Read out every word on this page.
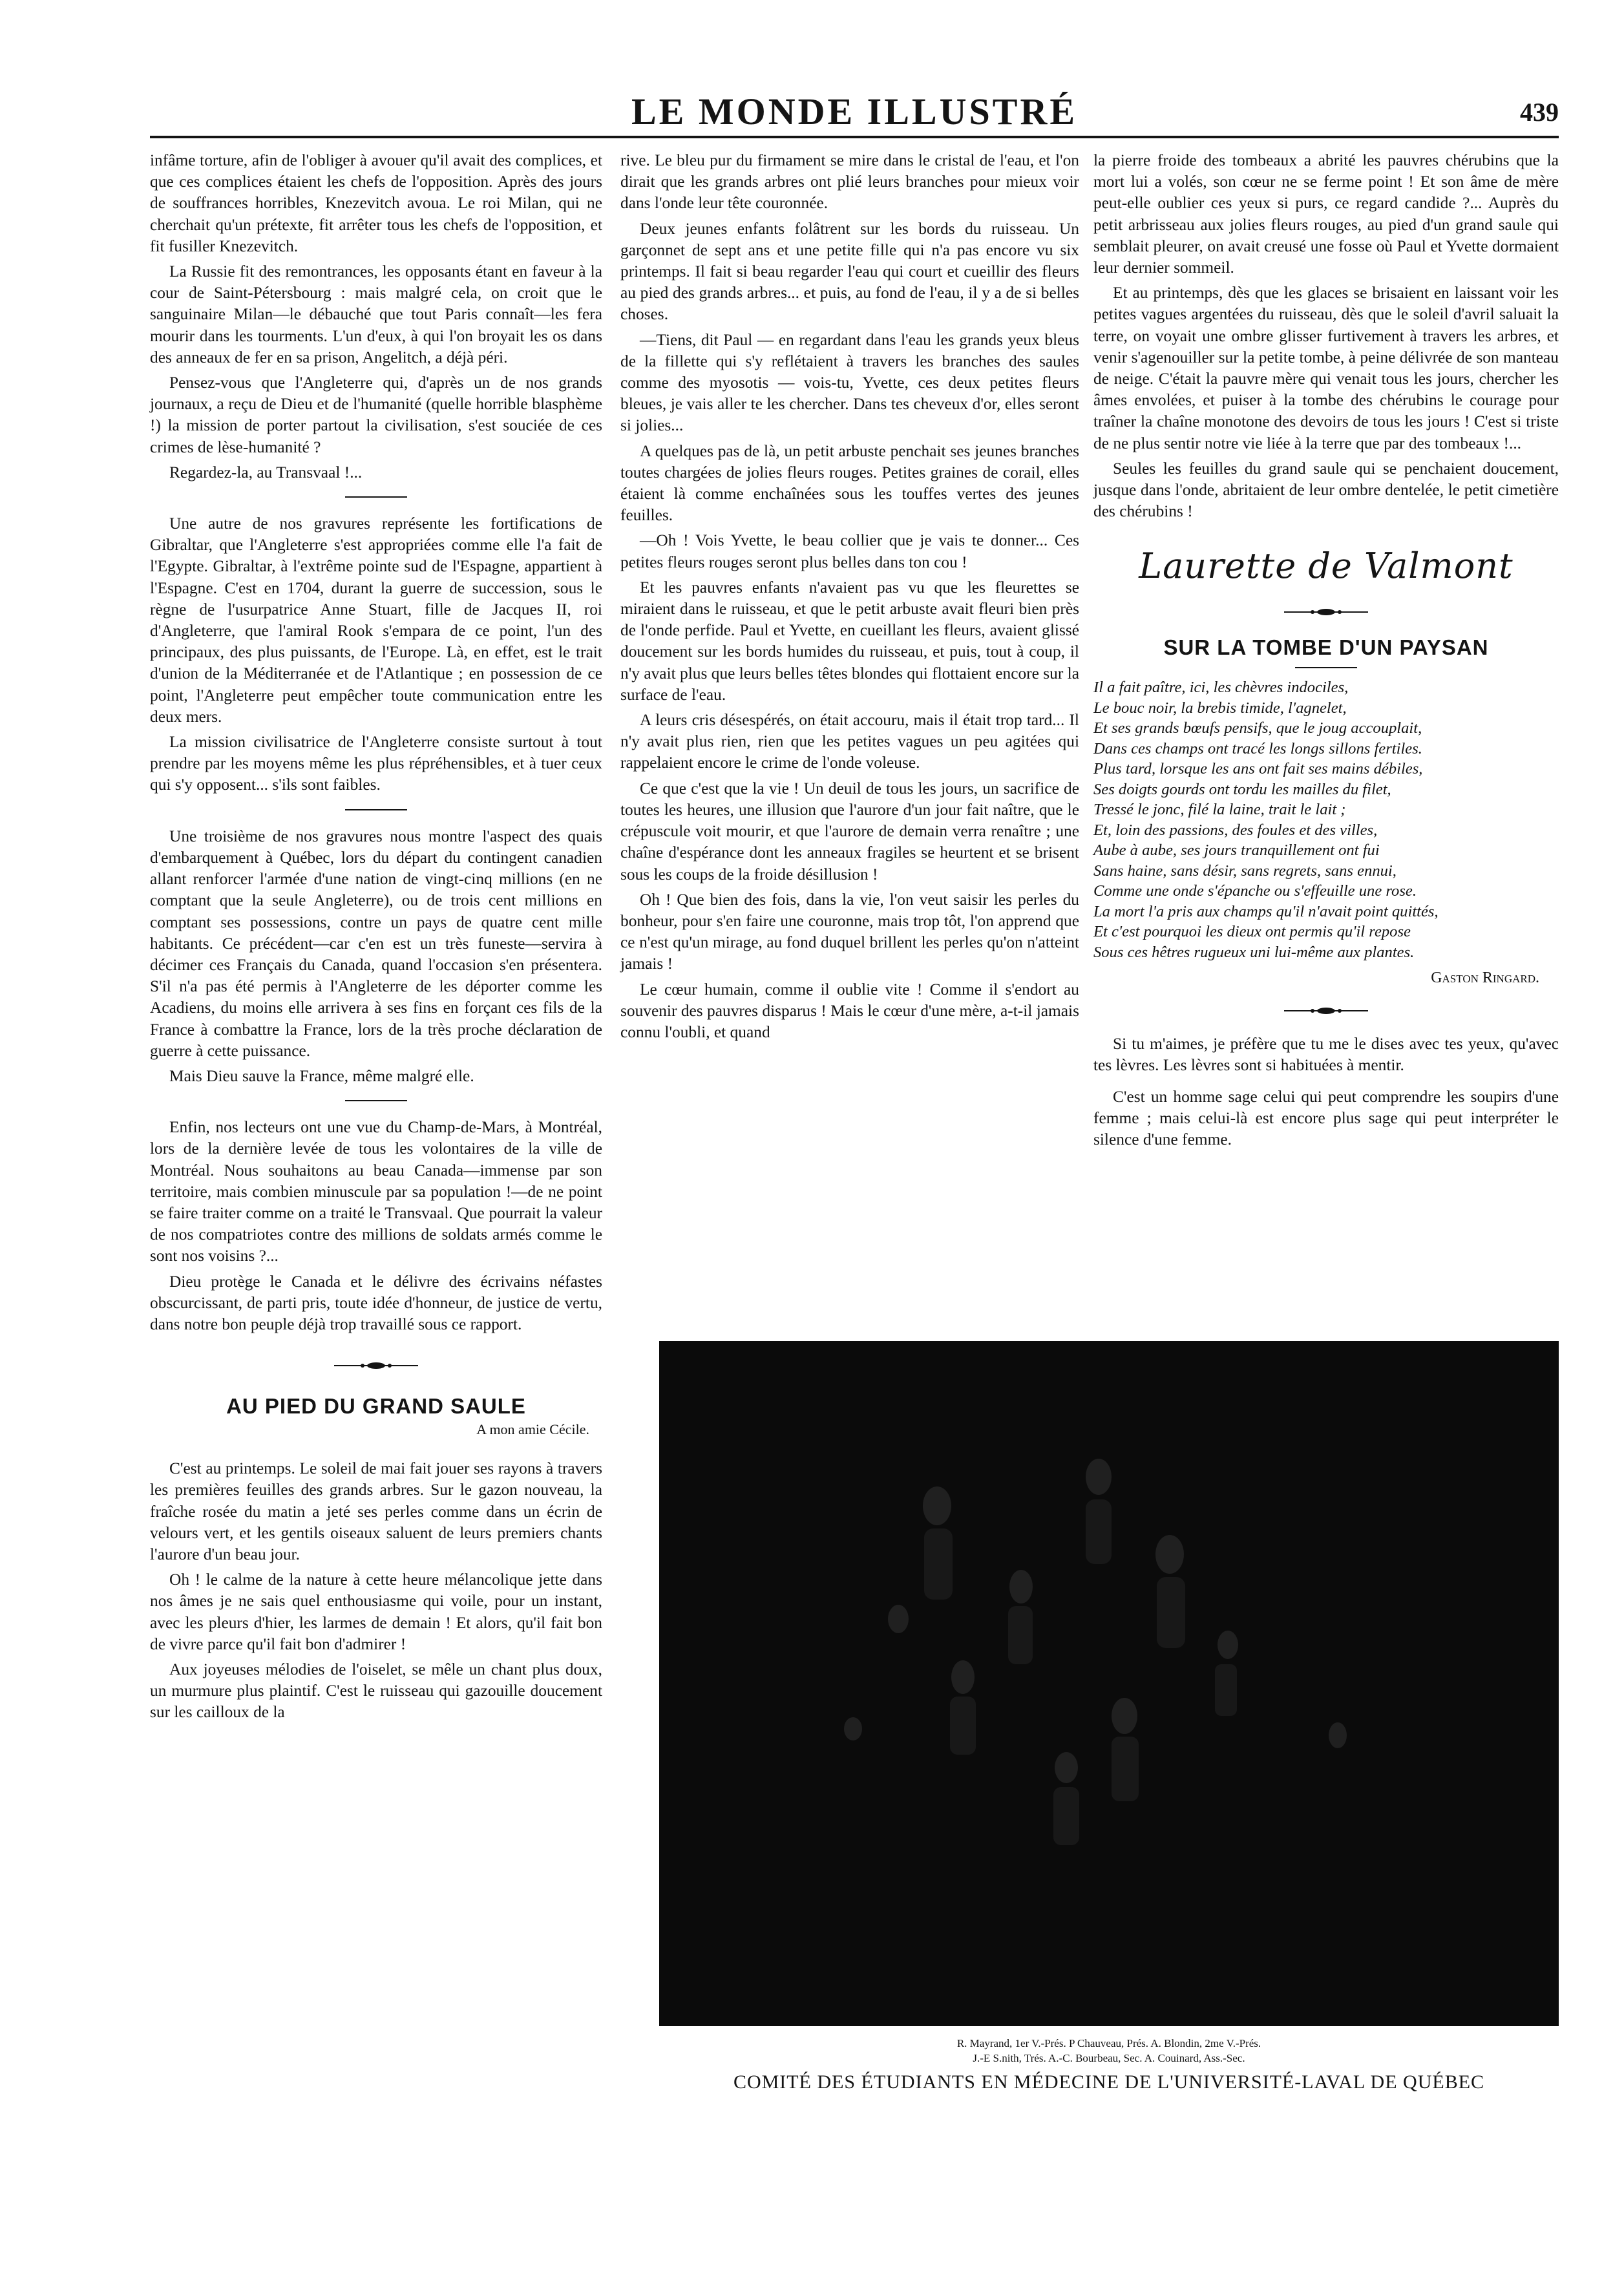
LE MONDE ILLUSTRÉ	439

infâme torture, afin de l'obliger à avouer qu'il avait des complices, et que ces complices étaient les chefs de l'opposition. Après des jours de souffrances horribles, Knezevitch avoua. Le roi Milan, qui ne cherchait qu'un prétexte, fit arrêter tous les chefs de l'opposition, et fit fusiller Knezevitch.

La Russie fit des remontrances, les opposants étant en faveur à la cour de Saint-Pétersbourg : mais malgré cela, on croit que le sanguinaire Milan—le débauché que tout Paris connaît—les fera mourir dans les tourments. L'un d'eux, à qui l'on broyait les os dans des anneaux de fer en sa prison, Angelitch, a déjà péri.

Pensez-vous que l'Angleterre qui, d'après un de nos grands journaux, a reçu de Dieu et de l'humanité (quelle horrible blasphème !) la mission de porter partout la civilisation, s'est souciée de ces crimes de lèse-humanité ?

Regardez-la, au Transvaal !...

Une autre de nos gravures représente les fortifications de Gibraltar, que l'Angleterre s'est appropriées comme elle l'a fait de l'Egypte. Gibraltar, à l'extrême pointe sud de l'Espagne, appartient à l'Espagne. C'est en 1704, durant la guerre de succession, sous le règne de l'usurpatrice Anne Stuart, fille de Jacques II, roi d'Angleterre, que l'amiral Rook s'empara de ce point, l'un des principaux, des plus puissants, de l'Europe. Là, en effet, est le trait d'union de la Méditerranée et de l'Atlantique ; en possession de ce point, l'Angleterre peut empêcher toute communication entre les deux mers.

La mission civilisatrice de l'Angleterre consiste surtout à tout prendre par les moyens même les plus répréhensibles, et à tuer ceux qui s'y opposent... s'ils sont faibles.

Une troisième de nos gravures nous montre l'aspect des quais d'embarquement à Québec, lors du départ du contingent canadien allant renforcer l'armée d'une nation de vingt-cinq millions (en ne comptant que la seule Angleterre), ou de trois cent millions en comptant ses possessions, contre un pays de quatre cent mille habitants. Ce précédent—car c'en est un très funeste—servira à décimer ces Français du Canada, quand l'occasion s'en présentera. S'il n'a pas été permis à l'Angleterre de les déporter comme les Acadiens, du moins elle arrivera à ses fins en forçant ces fils de la France à combattre la France, lors de la très proche déclaration de guerre à cette puissance.

Mais Dieu sauve la France, même malgré elle.

Enfin, nos lecteurs ont une vue du Champ-de-Mars, à Montréal, lors de la dernière levée de tous les volontaires de la ville de Montréal. Nous souhaitons au beau Canada—immense par son territoire, mais combien minuscule par sa population !—de ne point se faire traiter comme on a traité le Transvaal. Que pourrait la valeur de nos compatriotes contre des millions de soldats armés comme le sont nos voisins ?...

Dieu protège le Canada et le délivre des écrivains néfastes obscurcissant, de parti pris, toute idée d'honneur, de justice de vertu, dans notre bon peuple déjà trop travaillé sous ce rapport.

AU PIED DU GRAND SAULE
A mon amie Cécile.

C'est au printemps. Le soleil de mai fait jouer ses rayons à travers les premières feuilles des grands arbres. Sur le gazon nouveau, la fraîche rosée du matin a jeté ses perles comme dans un écrin de velours vert, et les gentils oiseaux saluent de leurs premiers chants l'aurore d'un beau jour.

Oh ! le calme de la nature à cette heure mélancolique jette dans nos âmes je ne sais quel enthousiasme qui voile, pour un instant, avec les pleurs d'hier, les larmes de demain ! Et alors, qu'il fait bon de vivre parce qu'il fait bon d'admirer !

Aux joyeuses mélodies de l'oiselet, se mêle un chant plus doux, un murmure plus plaintif. C'est le ruisseau qui gazouille doucement sur les cailloux de la

rive. Le bleu pur du firmament se mire dans le cristal de l'eau, et l'on dirait que les grands arbres ont plié leurs branches pour mieux voir dans l'onde leur tête couronnée.

Deux jeunes enfants folâtrent sur les bords du ruisseau. Un garçonnet de sept ans et une petite fille qui n'a pas encore vu six printemps. Il fait si beau regarder l'eau qui court et cueillir des fleurs au pied des grands arbres... et puis, au fond de l'eau, il y a de si belles choses.

—Tiens, dit Paul — en regardant dans l'eau les grands yeux bleus de la fillette qui s'y reflétaient à travers les branches des saules comme des myosotis — vois-tu, Yvette, ces deux petites fleurs bleues, je vais aller te les chercher. Dans tes cheveux d'or, elles seront si jolies...

A quelques pas de là, un petit arbuste penchait ses jeunes branches toutes chargées de jolies fleurs rouges. Petites graines de corail, elles étaient là comme enchaînées sous les touffes vertes des jeunes feuilles.

—Oh ! Vois Yvette, le beau collier que je vais te donner... Ces petites fleurs rouges seront plus belles dans ton cou !

Et les pauvres enfants n'avaient pas vu que les fleurettes se miraient dans le ruisseau, et que le petit arbuste avait fleuri bien près de l'onde perfide. Paul et Yvette, en cueillant les fleurs, avaient glissé doucement sur les bords humides du ruisseau, et puis, tout à coup, il n'y avait plus que leurs belles têtes blondes qui flottaient encore sur la surface de l'eau.

A leurs cris désespérés, on était accouru, mais il était trop tard... Il n'y avait plus rien, rien que les petites vagues un peu agitées qui rappelaient encore le crime de l'onde voleuse.

Ce que c'est que la vie ! Un deuil de tous les jours, un sacrifice de toutes les heures, une illusion que l'aurore d'un jour fait naître, que le crépuscule voit mourir, et que l'aurore de demain verra renaître ; une chaîne d'espérance dont les anneaux fragiles se heurtent et se brisent sous les coups de la froide désillusion !

Oh ! Que bien des fois, dans la vie, l'on veut saisir les perles du bonheur, pour s'en faire une couronne, mais trop tôt, l'on apprend que ce n'est qu'un mirage, au fond duquel brillent les perles qu'on n'atteint jamais !

Le cœur humain, comme il oublie vite ! Comme il s'endort au souvenir des pauvres disparus ! Mais le cœur d'une mère, a-t-il jamais connu l'oubli, et quand

la pierre froide des tombeaux a abrité les pauvres chérubins que la mort lui a volés, son cœur ne se ferme point ! Et son âme de mère peut-elle oublier ces yeux si purs, ce regard candide ?... Auprès du petit arbrisseau aux jolies fleurs rouges, au pied d'un grand saule qui semblait pleurer, on avait creusé une fosse où Paul et Yvette dormaient leur dernier sommeil.

Et au printemps, dès que les glaces se brisaient en laissant voir les petites vagues argentées du ruisseau, dès que le soleil d'avril saluait la terre, on voyait une ombre glisser furtivement à travers les arbres, et venir s'agenouiller sur la petite tombe, à peine délivrée de son manteau de neige. C'était la pauvre mère qui venait tous les jours, chercher les âmes envolées, et puiser à la tombe des chérubins le courage pour traîner la chaîne monotone des devoirs de tous les jours ! C'est si triste de ne plus sentir notre vie liée à la terre que par des tombeaux !...

Seules les feuilles du grand saule qui se penchaient doucement, jusque dans l'onde, abritaient de leur ombre dentelée, le petit cimetière des chérubins !

Laurette de Valmont
SUR LA TOMBE D'UN PAYSAN
Il a fait paître, ici, les chèvres indociles,
Le bouc noir, la brebis timide, l'agnelet,
Et ses grands bœufs pensifs, que le joug accouplait,
Dans ces champs ont tracé les longs sillons fertiles.
Plus tard, lorsque les ans ont fait ses mains débiles,
Ses doigts gourds ont tordu les mailles du filet,
Tressé le jonc, filé la laine, trait le lait ;
Et, loin des passions, des foules et des villes,
Aube à aube, ses jours tranquillement ont fui
Sans haine, sans désir, sans regrets, sans ennui,
Comme une onde s'épanche ou s'effeuille une rose.
La mort l'a pris aux champs qu'il n'avait point quittés,
Et c'est pourquoi les dieux ont permis qu'il repose
Sous ces hêtres rugueux uni lui-même aux plantes.
Gaston Ringard.

Si tu m'aimes, je préfère que tu me le dises avec tes yeux, qu'avec tes lèvres. Les lèvres sont si habituées à mentir.

C'est un homme sage celui qui peut comprendre les soupirs d'une femme ; mais celui-là est encore plus sage qui peut interpréter le silence d'une femme.

R. Mayrand, 1er V.-Prés. P Chauveau, Prés. A. Blondin, 2me V.-Prés.
J.-E S.nith, Trés. A.-C. Bourbeau, Sec. A. Couinard, Ass.-Sec.
COMITÉ DES ÉTUDIANTS EN MÉDECINE DE L'UNIVERSITÉ-LAVAL DE QUÉBEC
